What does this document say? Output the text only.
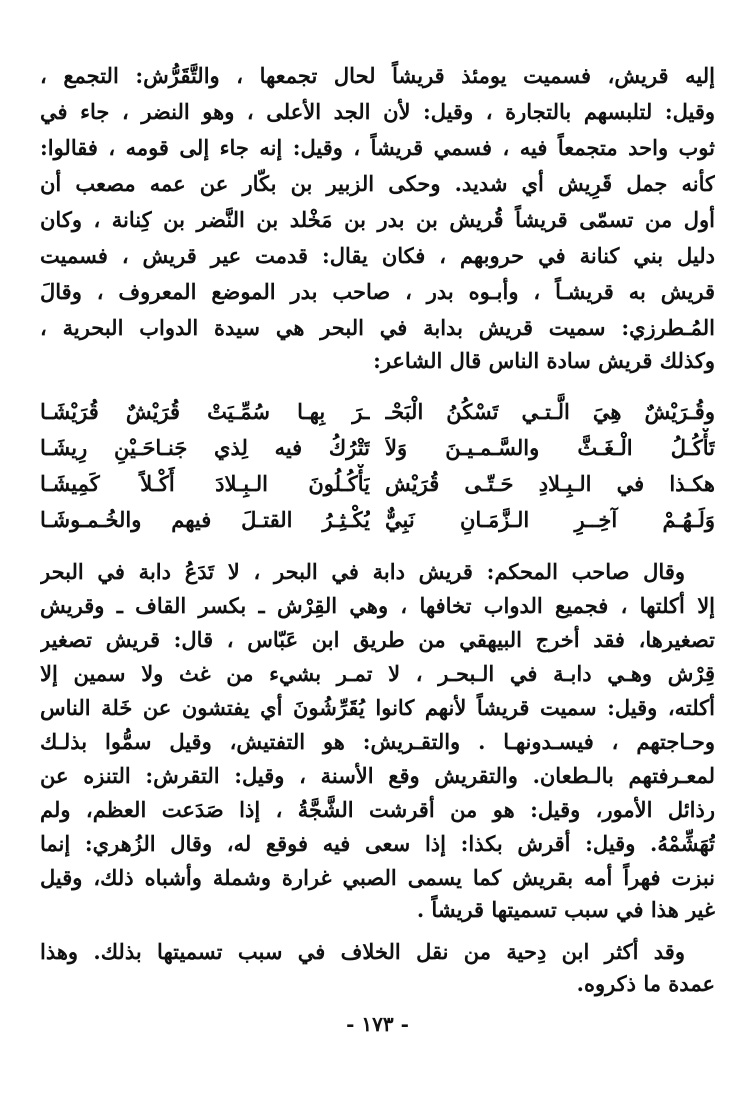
إليه قريش، فسميت يومئذ قريشاً لحال تجمعها ، والتَّقَرُّش: التجمع ،
وقيل: لتلبسهم بالتجارة ، وقيل: لأن الجد الأعلى ، وهو النضر ، جاء في
ثوب واحد متجمعاً فيه ، فسمي قريشاً ، وقيل: إنه جاء إلى قومه ، فقالوا:
كأنه جمل قَرِيش أي شديد. وحكى الزبير بن بكّار عن عمه مصعب أن
أول من تسمّى قريشاً قُريش بن بدر بن مَخْلد بن النَّضر بن كِنانة ، وكان
دليل بني كنانة في حروبهم ، فكان يقال: قدمت عير قريش ، فسميت
قريش به قريشـاً ، وأبـوه بدر ، صاحب بدر الموضع المعروف ، وقالَ
المُـطرزي: سميت قريش بدابة في البحر هي سيدة الدواب البحرية ،
وكذلك قريش سادة الناس قال الشاعر:
وقُـرَيْشٌ هِيَ الَّـتـي تَسْكُنُ الْبَحْـ
ـرَ بِهـا سُمِّـيَتْ قُرَيْشٌ قُرَيْشَـا
تَأْكُـلُ الْـغَـثَّ والسَّـمـيـنَ وَلاَ
تَتْرُكُ فيه لِذي جَنـاحَـيْنِ رِيشَـا
هكـذا في الـبِـلادِ حَـتّـى قُرَيْش
يَأْكُـلُونَ الـبِـلادَ أَكْـلاً كَمِيشَـا
وَلَـهُـمْ آخِــرِ الـزَّمَـانِ نَبِيٌّ
يُكْـثِـرُ القتـلَ فيهم والخُـمـوشَـا
وقال صاحب المحكم: قريش دابة في البحر ، لا تَدَعُ دابة في البحر
إلا أكلتها ، فجميع الدواب تخافها ، وهي القِرْش ـ بكسر القاف ـ وقريش
تصغيرها، فقد أخرج البيهقي من طريق ابن عَبّاس ، قال: قريش تصغير
قِرْش وهـي دابـة في الـبحـر ، لا تمـر بشيء من غث ولا سمين إلا
أكلته، وقيل: سميت قريشاً لأنهم كانوا يُقَرِّشُونَ أي يفتشون عن خَلة الناس
وحـاجتهم ، فيسـدونهـا . والتقـريش: هو التفتيش، وقيل سمُّوا بذلـك
لمعـرفتهم بالـطعان. والتقريش وقع الأسنة ، وقيل: التقرش: التنزه عن
رذائل الأمور، وقيل: هو من أقرشت الشَّجَّةُ ، إذا صَدَعت العظم، ولم
تُهَشِّمْهُ. وقيل: أقرش بكذا: إذا سعى فيه فوقع له، وقال الزُهري: إنما
نبزت فهراً أمه بقريش كما يسمى الصبي غرارة وشملة وأشباه ذلك، وقيل
غير هذا في سبب تسميتها قريشاً .
وقد أكثر ابن دِحية من نقل الخلاف في سبب تسميتها بذلك. وهذا
عمدة ما ذكروه.
- ١٧٣ -
